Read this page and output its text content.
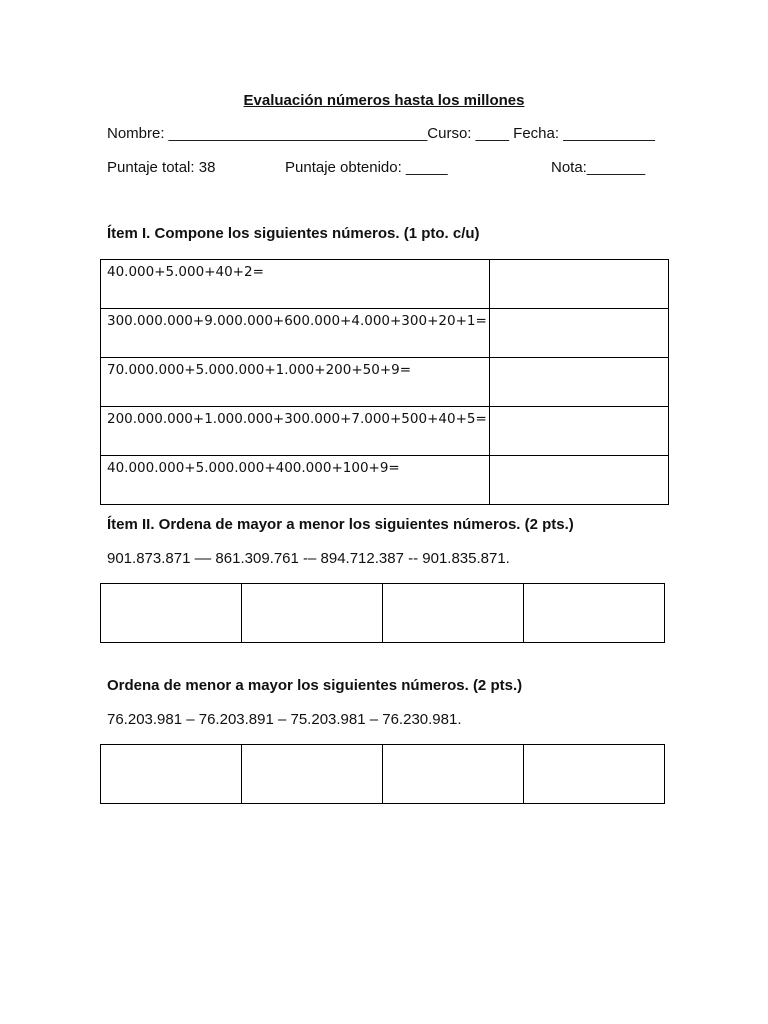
Evaluación números hasta los millones
Nombre: _______________________________Curso: ____ Fecha: ___________
Puntaje total: 38	Puntaje obtenido: _____	Nota:_______
Ítem I. Compone los siguientes números. (1 pto. c/u)
40.000+5.000+40+2=	
300.000.000+9.000.000+600.000+4.000+300+20+1=	
70.000.000+5.000.000+1.000+200+50+9=	
200.000.000+1.000.000+300.000+7.000+500+40+5=	
40.000.000+5.000.000+400.000+100+9=	
Ítem II. Ordena de mayor a menor los siguientes números. (2 pts.)
901.873.871 –– 861.309.761 -– 894.712.387 -- 901.835.871.

Ordena de menor a mayor los siguientes números. (2 pts.)
76.203.981 – 76.203.891 – 75.203.981 – 76.230.981.
